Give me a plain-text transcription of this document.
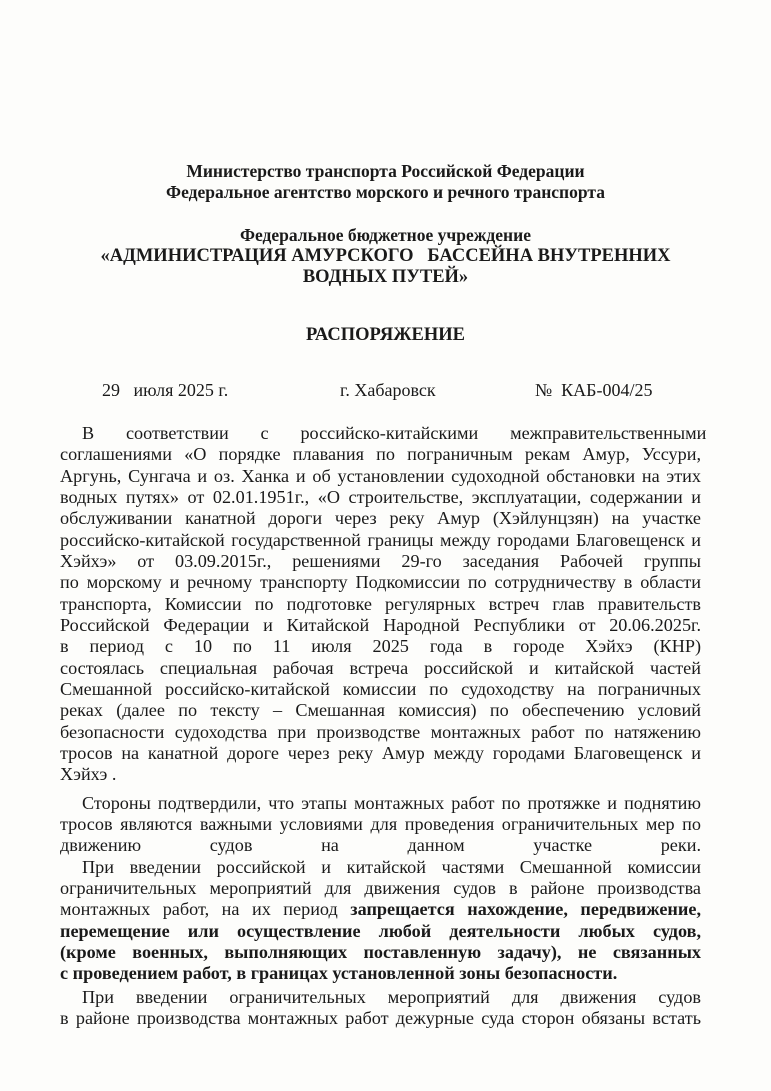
Министерство транспорта Российской Федерации
Федеральное агентство морского и речного транспорта
Федеральное бюджетное учреждение
«АДМИНИСТРАЦИЯ АМУРСКОГО   БАССЕЙНА ВНУТРЕННИХ
ВОДНЫХ ПУТЕЙ»
РАСПОРЯЖЕНИЕ
29   июля 2025 г.	г. Хабаровск	№  КАБ-004/25
В       соответствии       с       российско-китайскими       межправительственными
соглашениями «О порядке плавания по пограничным рекам Амур, Уссури,
Аргунь, Сунгача и оз. Ханка и об установлении судоходной обстановки на этих
водных путях» от 02.01.1951г., «О строительстве, эксплуатации, содержании и
обслуживании канатной дороги через реку Амур (Хэйлунцзян) на участке
российско-китайской государственной границы между городами Благовещенск и
Хэйхэ»   от   03.09.2015г.,   решениями   29-го   заседания   Рабочей   группы
по морскому и речному транспорту Подкомиссии по сотрудничеству в области
транспорта, Комиссии по подготовке регулярных встреч глав правительств
Российской Федерации и Китайской Народной Республики от 20.06.2025г.
в    период    с    10    по    11    июля    2025    года    в    городе    Хэйхэ    (КНР)
состоялась специальная рабочая встреча российской и китайской частей
Смешанной российско-китайской комиссии по судоходству на пограничных
реках (далее по тексту – Смешанная комиссия) по обеспечению условий
безопасности судоходства при производстве монтажных работ по натяжению
тросов на канатной дороге через реку Амур между городами Благовещенск и
Хэйхэ .
Стороны подтвердили, что этапы монтажных работ по протяжке и поднятию
тросов являются важными условиями для проведения ограничительных мер по
движению            судов            на            данном            участке            реки.
При введении российской и китайской частями Смешанной комиссии
ограничительных мероприятий для движения судов в районе производства
монтажных работ, на их период запрещается нахождение, передвижение,
перемещение или осуществление любой деятельности любых судов,
(кроме военных, выполняющих поставленную задачу), не связанных
с проведением работ, в границах установленной зоны безопасности.
При   введении   ограничительных   мероприятий   для   движения   судов
в районе производства монтажных работ дежурные суда сторон обязаны встать
